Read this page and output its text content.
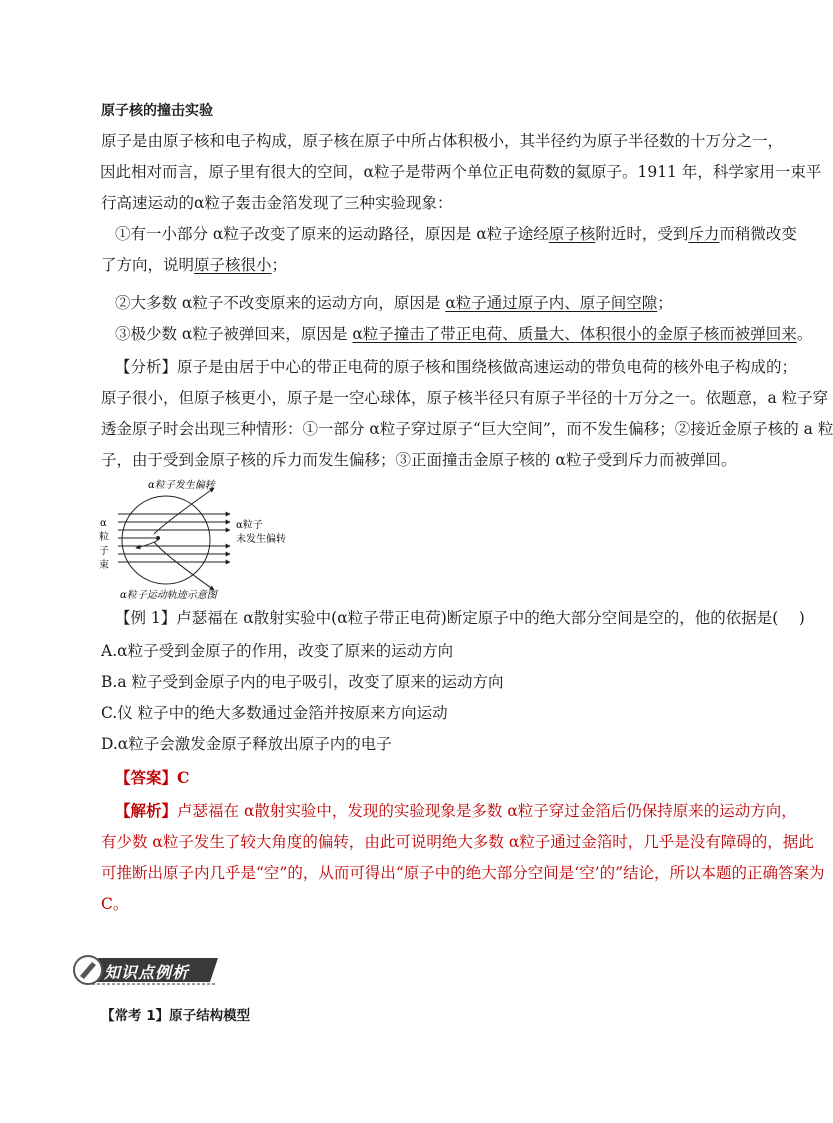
原子核的撞击实验

原子是由原子核和电子构成，原子核在原子中所占体积极小，其半径约为原子半径数的十万分之一，
因此相对而言，原子里有很大的空间，α粒子是带两个单位正电荷数的氦原子。1911 年，科学家用一束平
行高速运动的α粒子轰击金箔发现了三种实验现象：

①有一小部分 α粒子改变了原来的运动路径，原因是 α粒子途经原子核附近时，受到斥力而稍微改变
了方向，说明原子核很小；

②大多数 α粒子不改变原来的运动方向，原因是 α粒子通过原子内、原子间空隙；

③极少数 α粒子被弹回来，原因是 α粒子撞击了带正电荷、质量大、体积很小的金原子核而被弹回来。

【分析】原子是由居于中心的带正电荷的原子核和围绕核做高速运动的带负电荷的核外电子构成的；
原子很小，但原子核更小，原子是一空心球体，原子核半径只有原子半径的十万分之一。依题意，a 粒子穿
透金原子时会出现三种情形：①一部分 α粒子穿过原子“巨大空间”，而不发生偏移；②接近金原子核的 a 粒
子，由于受到金原子核的斥力而发生偏移；③正面撞击金原子核的 α粒子受到斥力而被弹回。

α粒子发生偏转
α
粒
子
束
α粒子
未发生偏转
α粒子运动轨迹示意图

【例 1】卢瑟福在 α散射实验中(α粒子带正电荷)断定原子中的绝大部分空间是空的，他的依据是(　 )

A.α粒子受到金原子的作用，改变了原来的运动方向
B.a 粒子受到金原子内的电子吸引，改变了原来的运动方向
C.仪 粒子中的绝大多数通过金箔并按原来方向运动
D.α粒子会激发金原子释放出原子内的电子

【答案】C

【解析】卢瑟福在 α散射实验中，发现的实验现象是多数 α粒子穿过金箔后仍保持原来的运动方向，
有少数 α粒子发生了较大角度的偏转，由此可说明绝大多数 α粒子通过金箔时，几乎是没有障碍的，据此
可推断出原子内几乎是“空”的，从而可得出“原子中的绝大部分空间是‘空’的”结论，所以本题的正确答案为
C。

知识点例析
【常考 1】原子结构模型
